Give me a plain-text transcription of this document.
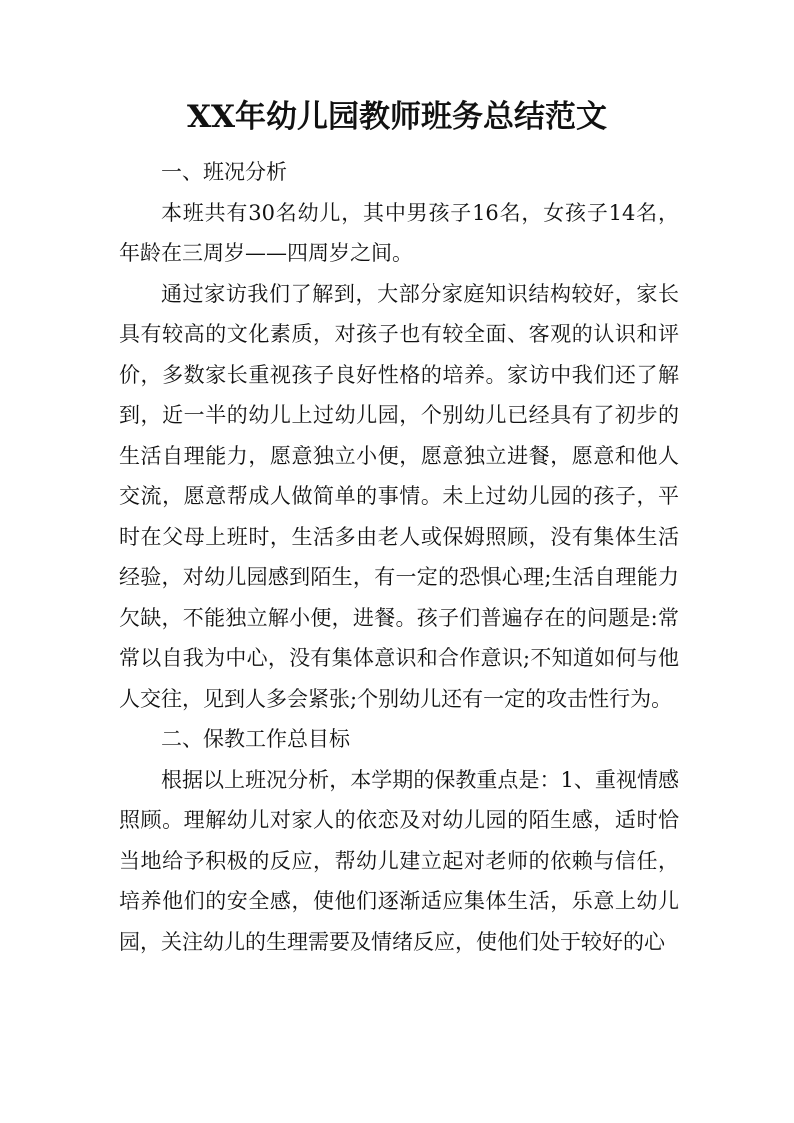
XX年幼儿园教师班务总结范文

一、班况分析

本班共有30名幼儿，其中男孩子16名，女孩子14名，年龄在三周岁——四周岁之间。

通过家访我们了解到，大部分家庭知识结构较好，家长具有较高的文化素质，对孩子也有较全面、客观的认识和评价，多数家长重视孩子良好性格的培养。家访中我们还了解到，近一半的幼儿上过幼儿园，个别幼儿已经具有了初步的生活自理能力，愿意独立小便，愿意独立进餐，愿意和他人交流，愿意帮成人做简单的事情。未上过幼儿园的孩子，平时在父母上班时，生活多由老人或保姆照顾，没有集体生活经验，对幼儿园感到陌生，有一定的恐惧心理;生活自理能力欠缺，不能独立解小便，进餐。孩子们普遍存在的问题是:常常以自我为中心，没有集体意识和合作意识;不知道如何与他人交往，见到人多会紧张;个别幼儿还有一定的攻击性行为。

二、保教工作总目标

根据以上班况分析，本学期的保教重点是：1、重视情感照顾。理解幼儿对家人的依恋及对幼儿园的陌生感，适时恰当地给予积极的反应，帮幼儿建立起对老师的依赖与信任，培养他们的安全感，使他们逐渐适应集体生活，乐意上幼儿园，关注幼儿的生理需要及情绪反应，使他们处于较好的心
